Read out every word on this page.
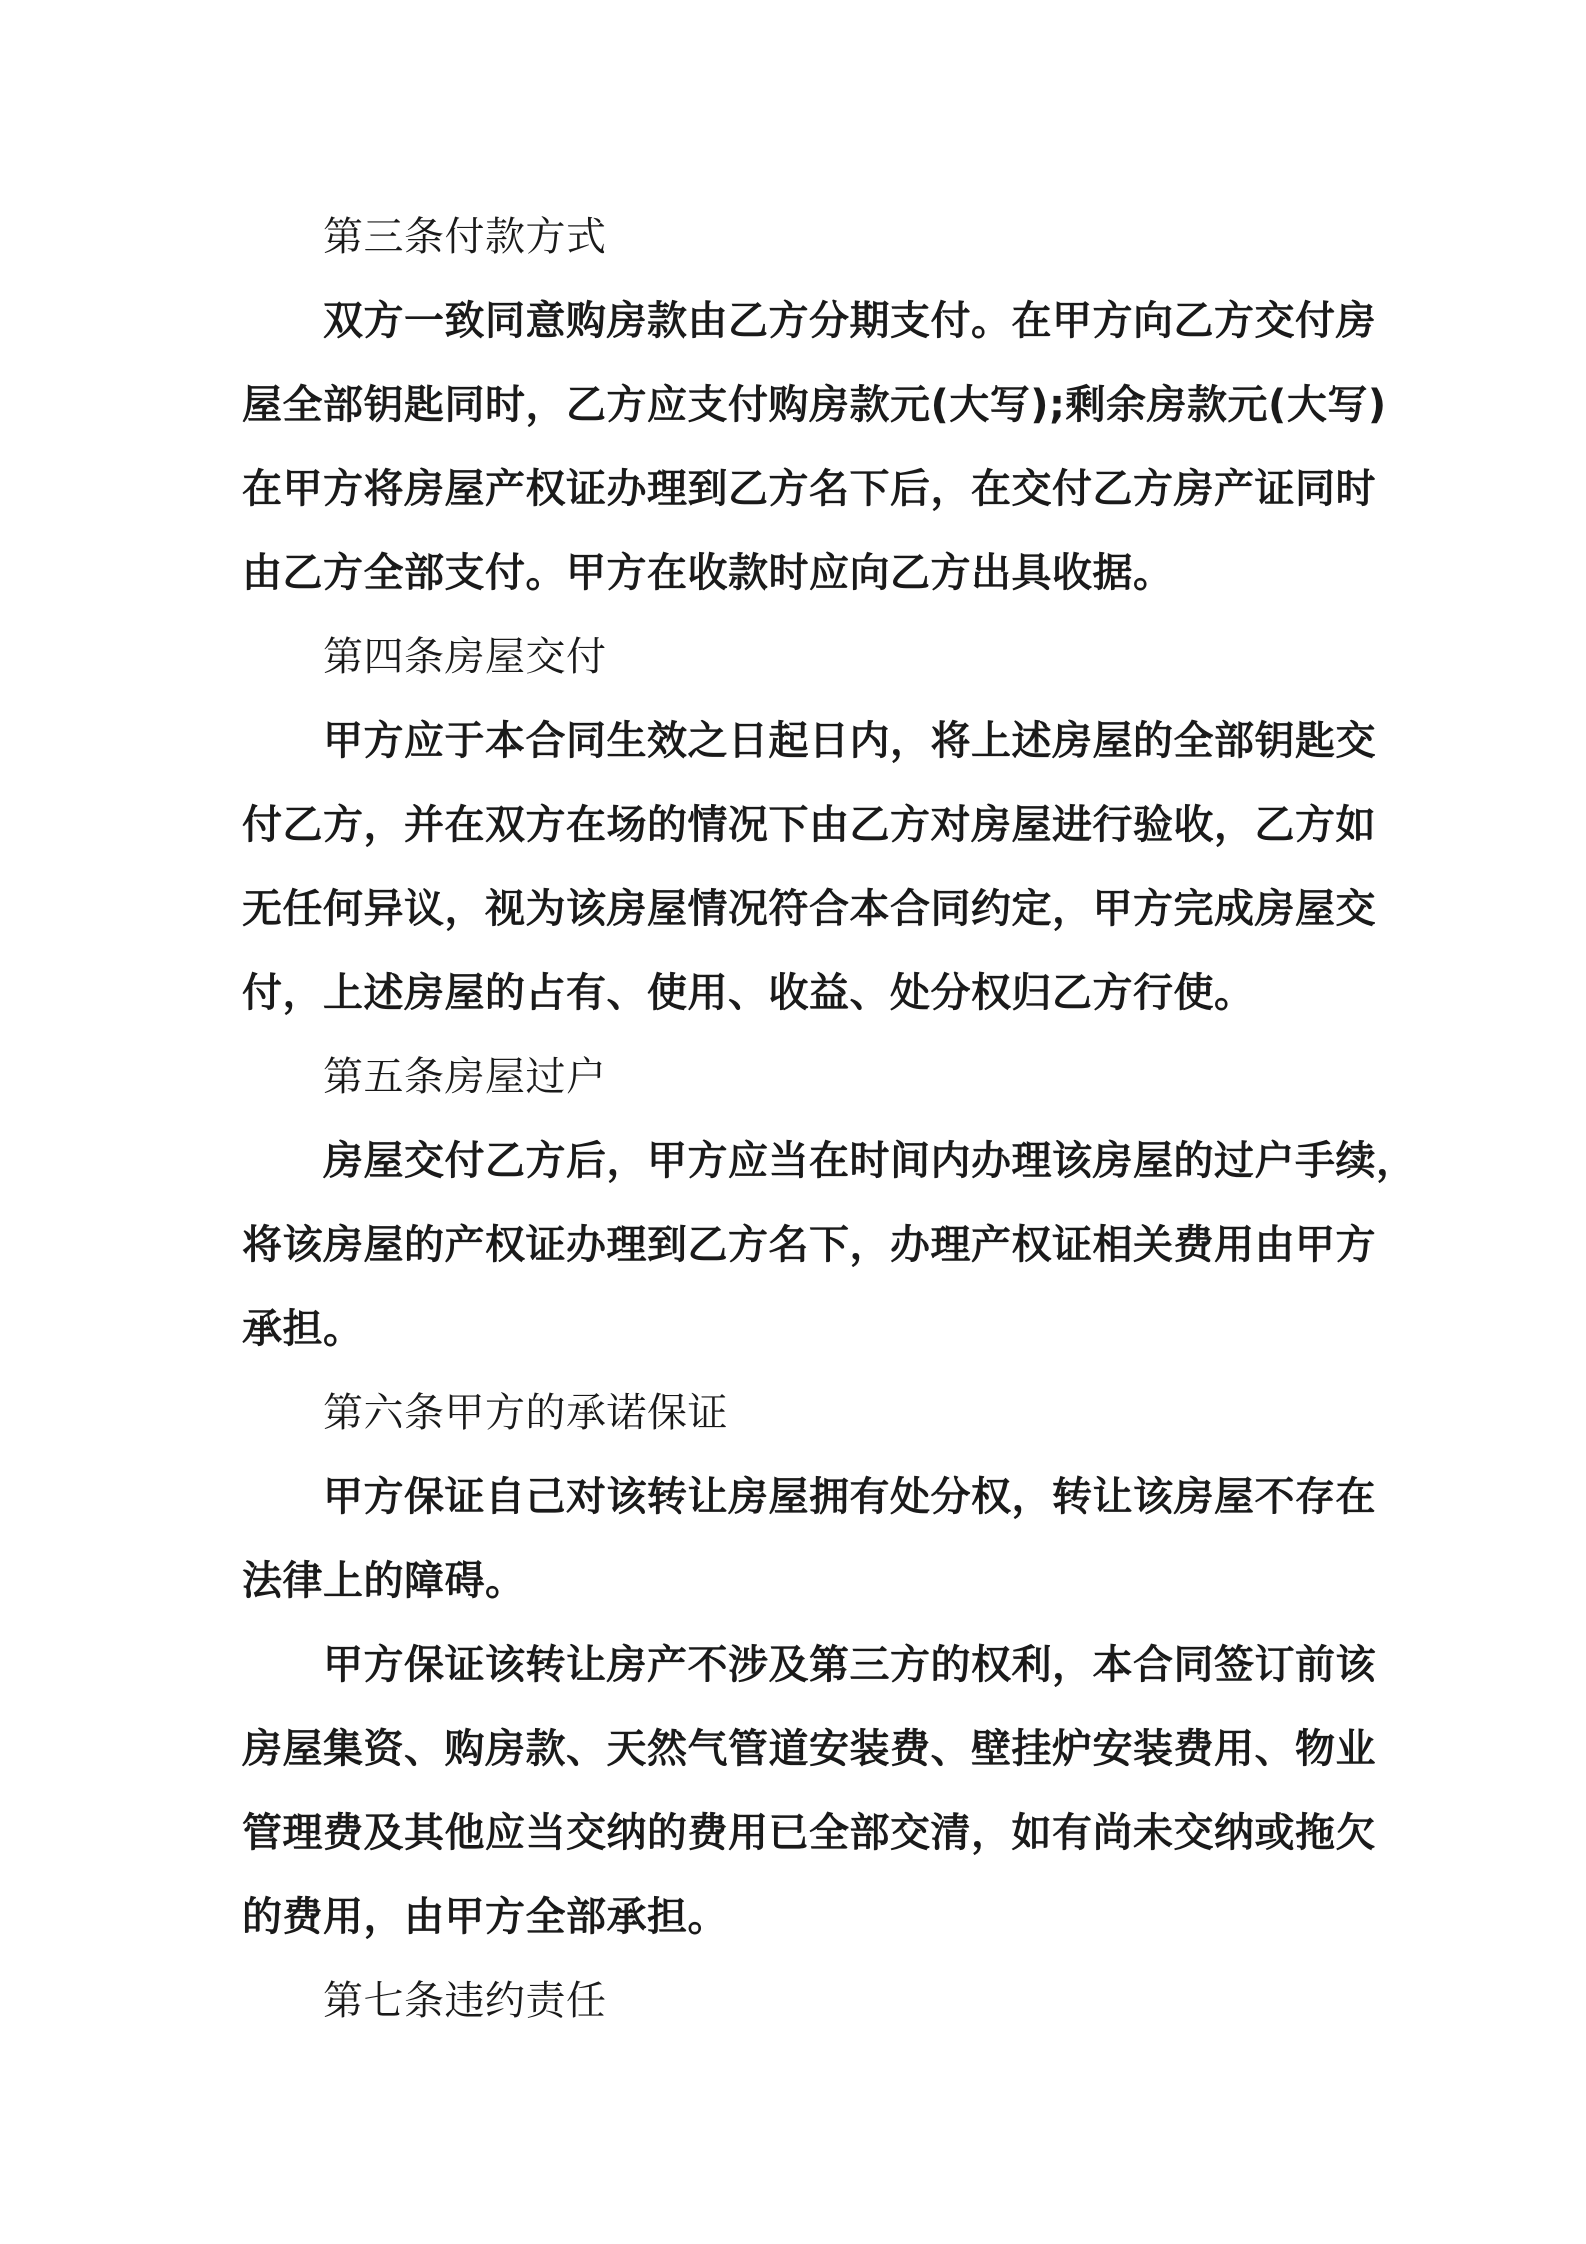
第三条付款方式
双方一致同意购房款由乙方分期支付。在甲方向乙方交付房
屋全部钥匙同时，乙方应支付购房款元(大写);剩余房款元(大写)
在甲方将房屋产权证办理到乙方名下后，在交付乙方房产证同时
由乙方全部支付。甲方在收款时应向乙方出具收据。
第四条房屋交付
甲方应于本合同生效之日起日内，将上述房屋的全部钥匙交
付乙方，并在双方在场的情况下由乙方对房屋进行验收，乙方如
无任何异议，视为该房屋情况符合本合同约定，甲方完成房屋交
付，上述房屋的占有、使用、收益、处分权归乙方行使。
第五条房屋过户
房屋交付乙方后，甲方应当在时间内办理该房屋的过户手续，
将该房屋的产权证办理到乙方名下，办理产权证相关费用由甲方
承担。
第六条甲方的承诺保证
甲方保证自己对该转让房屋拥有处分权，转让该房屋不存在
法律上的障碍。
甲方保证该转让房产不涉及第三方的权利，本合同签订前该
房屋集资、购房款、天然气管道安装费、壁挂炉安装费用、物业
管理费及其他应当交纳的费用已全部交清，如有尚未交纳或拖欠
的费用，由甲方全部承担。
第七条违约责任
